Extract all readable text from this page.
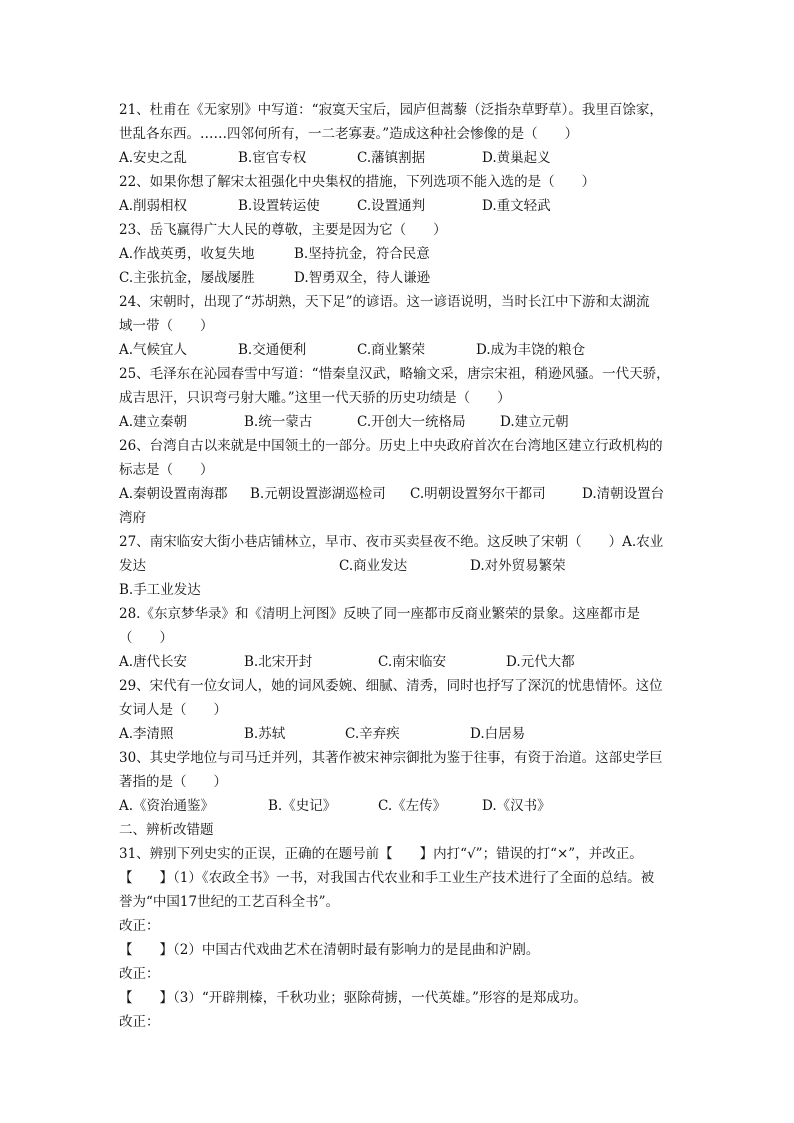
21、杜甫在《无家别》中写道：“寂寞天宝后，园庐但蒿藜（泛指杂草野草）。我里百馀家，
世乱各东西。……四邻何所有，一二老寡妻。”造成这种社会惨像的是（　　）
A.安史之乱	B.宦官专权	C.藩镇割据	D.黄巢起义
22、如果你想了解宋太祖强化中央集权的措施，下列选项不能入选的是（　　）
A.削弱相权	B.设置转运使	C.设置通判	D.重文轻武
23、岳飞赢得广大人民的尊敬，主要是因为它（　　）
A.作战英勇，收复失地	B.坚持抗金，符合民意
C.主张抗金，屡战屡胜	D.智勇双全，待人谦逊
24、宋朝时，出现了“苏胡熟，天下足”的谚语。这一谚语说明，当时长江中下游和太湖流
域一带（　　）
A.气候宜人	B.交通便利	C.商业繁荣	D.成为丰饶的粮仓
25、毛泽东在沁园春雪中写道：“惜秦皇汉武，略输文采，唐宗宋祖，稍逊风骚。一代天骄，
成吉思汗，只识弯弓射大雕。”这里一代天骄的历史功绩是（　　）
A.建立秦朝	B.统一蒙古	C.开创大一统格局	D.建立元朝
26、台湾自古以来就是中国领土的一部分。历史上中央政府首次在台湾地区建立行政机构的
标志是（　　）
A.秦朝设置南海郡 B.元朝设置澎湖巡检司 C.明朝设置努尔干都司	D.清朝设置台
湾府
27、南宋临安大街小巷店铺林立，早市、夜市买卖昼夜不绝。这反映了宋朝（　　）A.农业
发达
B.手工业发达
C.商业发达	D.对外贸易繁荣
28.《东京梦华录》和《清明上河图》反映了同一座都市反商业繁荣的景象。这座都市是
（　　）
A.唐代长安	B.北宋开封	C.南宋临安	D.元代大都
29、宋代有一位女词人，她的词风委婉、细腻、清秀，同时也抒写了深沉的忧患情怀。这位
女词人是（　　）
A.李清照	B.苏轼	C.辛弃疾	D.白居易
30、其史学地位与司马迁并列，其著作被宋神宗御批为鉴于往事，有资于治道。这部史学巨
著指的是（　　）
A.《资治通鉴》	B.《史记》	C.《左传》	D.《汉书》
二、辨析改错题
31、辨别下列史实的正误，正确的在题号前【　　】内打“√”；错误的打“×”，并改正。
【　　】（1）《农政全书》一书，对我国古代农业和手工业生产技术进行了全面的总结。被
誉为“中国17世纪的工艺百科全书”。
改正：
【　　】（2）中国古代戏曲艺术在清朝时最有影响力的是昆曲和沪剧。
改正：
【　　】（3）“开辟荆榛，千秋功业；驱除荷掳，一代英雄。”形容的是郑成功。
改正：
